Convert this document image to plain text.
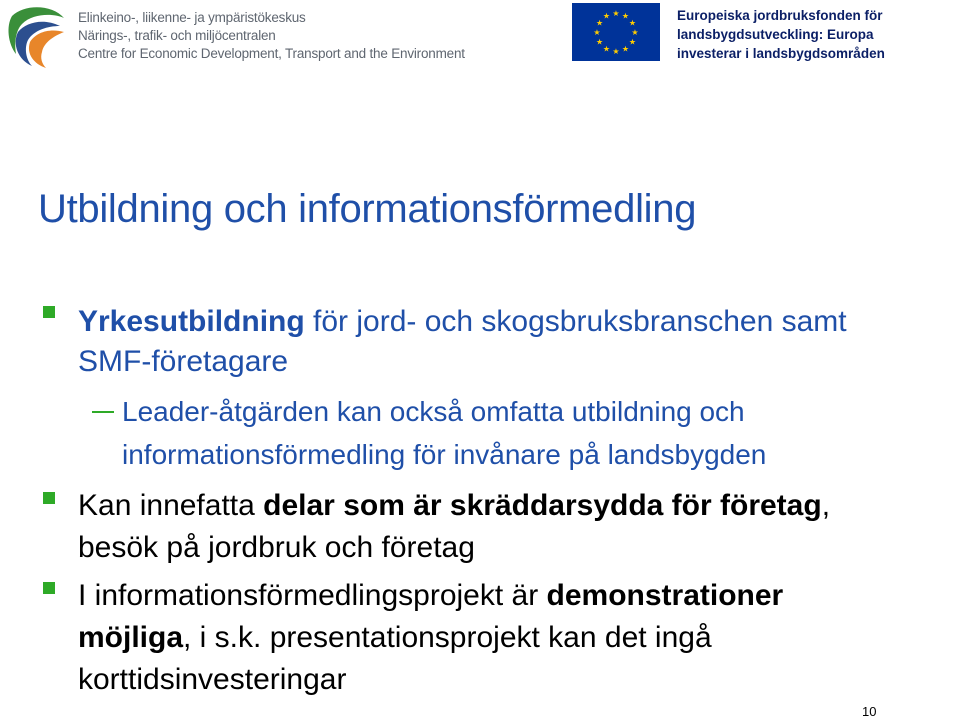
Elinkeino-, liikenne- ja ympäristökeskus
Närings-, trafik- och miljöcentralen
Centre for Economic Development, Transport and the Environment
★ ★
★
★
★
★
★
★
★
★
★
★	Europeiska jordbruksfonden för
landsbygdsutveckling: Europa
investerar i landsbygdsområden
Utbildning och informationsförmedling
Yrkesutbildning för jord- och skogsbruksbranschen samt
SMF-företagare
Leader-åtgärden kan också omfatta utbildning och
informationsförmedling för invånare på landsbygden
Kan innefatta delar som är skräddarsydda för företag,
besök på jordbruk och företag
I informationsförmedlingsprojekt är demonstrationer
möjliga, i s.k. presentationsprojekt kan det ingå
korttidsinvesteringar
10
